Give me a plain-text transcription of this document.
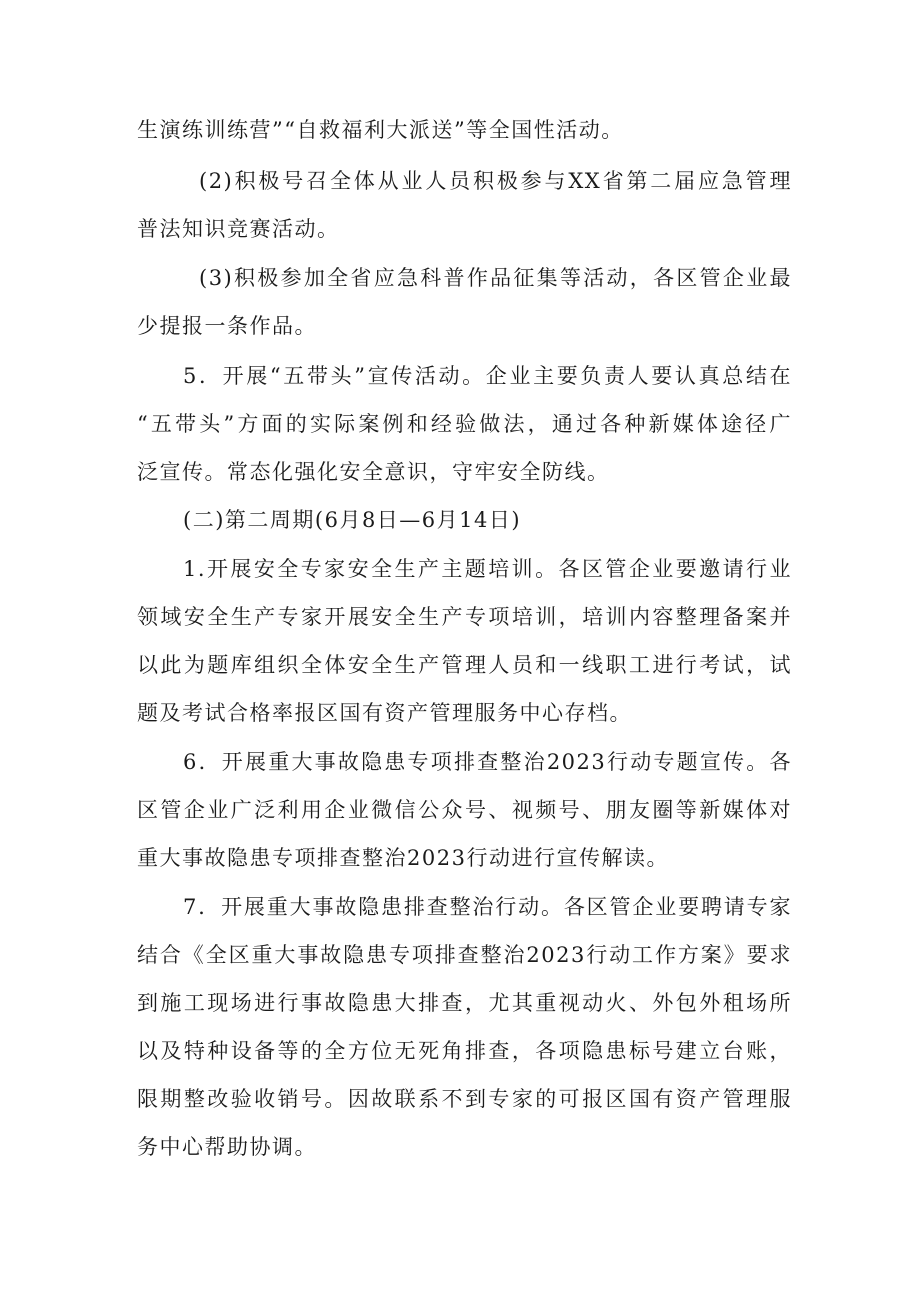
生演练训练营”“自救福利大派送”等全国性活动。

(2)积极号召全体从业人员积极参与XX省第二届应急管理
普法知识竞赛活动。

(3)积极参加全省应急科普作品征集等活动，各区管企业最
少提报一条作品。

5．开展“五带头”宣传活动。企业主要负责人要认真总结在
“五带头”方面的实际案例和经验做法，通过各种新媒体途径广
泛宣传。常态化强化安全意识，守牢安全防线。

(二)第二周期(6月8日—6月14日)

1.开展安全专家安全生产主题培训。各区管企业要邀请行业
领域安全生产专家开展安全生产专项培训，培训内容整理备案并
以此为题库组织全体安全生产管理人员和一线职工进行考试，试
题及考试合格率报区国有资产管理服务中心存档。

6．开展重大事故隐患专项排查整治2023行动专题宣传。各
区管企业广泛利用企业微信公众号、视频号、朋友圈等新媒体对
重大事故隐患专项排查整治2023行动进行宣传解读。

7．开展重大事故隐患排查整治行动。各区管企业要聘请专家
结合《全区重大事故隐患专项排查整治2023行动工作方案》要求
到施工现场进行事故隐患大排查，尤其重视动火、外包外租场所
以及特种设备等的全方位无死角排查，各项隐患标号建立台账，
限期整改验收销号。因故联系不到专家的可报区国有资产管理服
务中心帮助协调。
